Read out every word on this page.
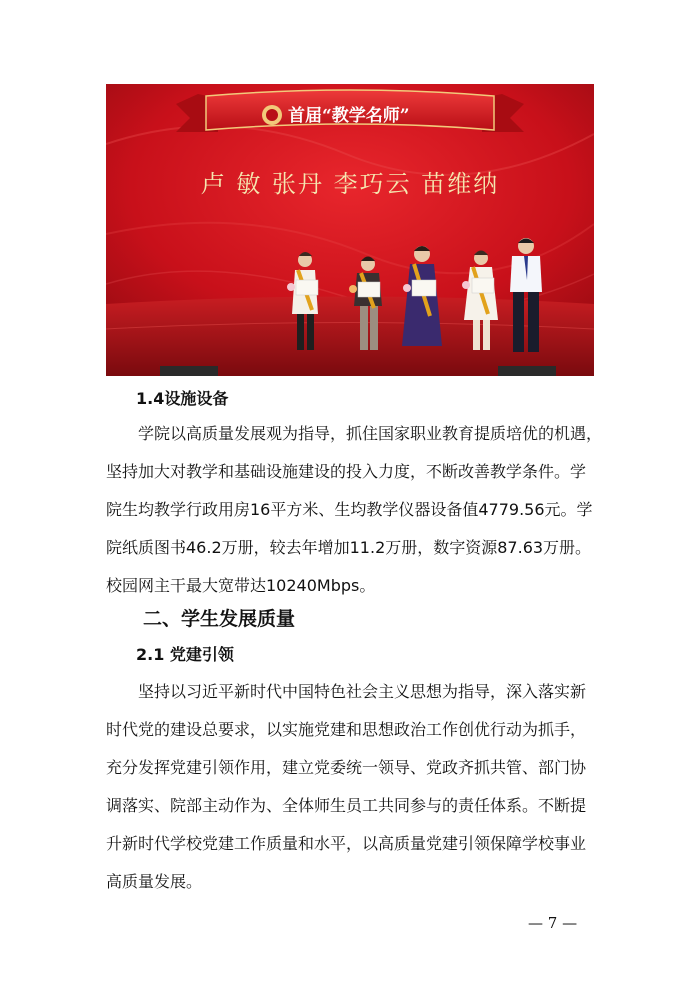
首届“教学名师”
卢 敏 张丹 李巧云 苗维纳
1.4设施设备
学院以高质量发展观为指导，抓住国家职业教育提质培优的机遇，
坚持加大对教学和基础设施建设的投入力度，不断改善教学条件。学
院生均教学行政用房16平方米、生均教学仪器设备值4779.56元。学
院纸质图书46.2万册，较去年增加11.2万册，数字资源87.63万册。
校园网主干最大宽带达10240Mbps。
二、学生发展质量
2.1 党建引领
坚持以习近平新时代中国特色社会主义思想为指导，深入落实新
时代党的建设总要求，以实施党建和思想政治工作创优行动为抓手，
充分发挥党建引领作用，建立党委统一领导、党政齐抓共管、部门协
调落实、院部主动作为、全体师生员工共同参与的责任体系。不断提
升新时代学校党建工作质量和水平，以高质量党建引领保障学校事业
高质量发展。
— 7 —
